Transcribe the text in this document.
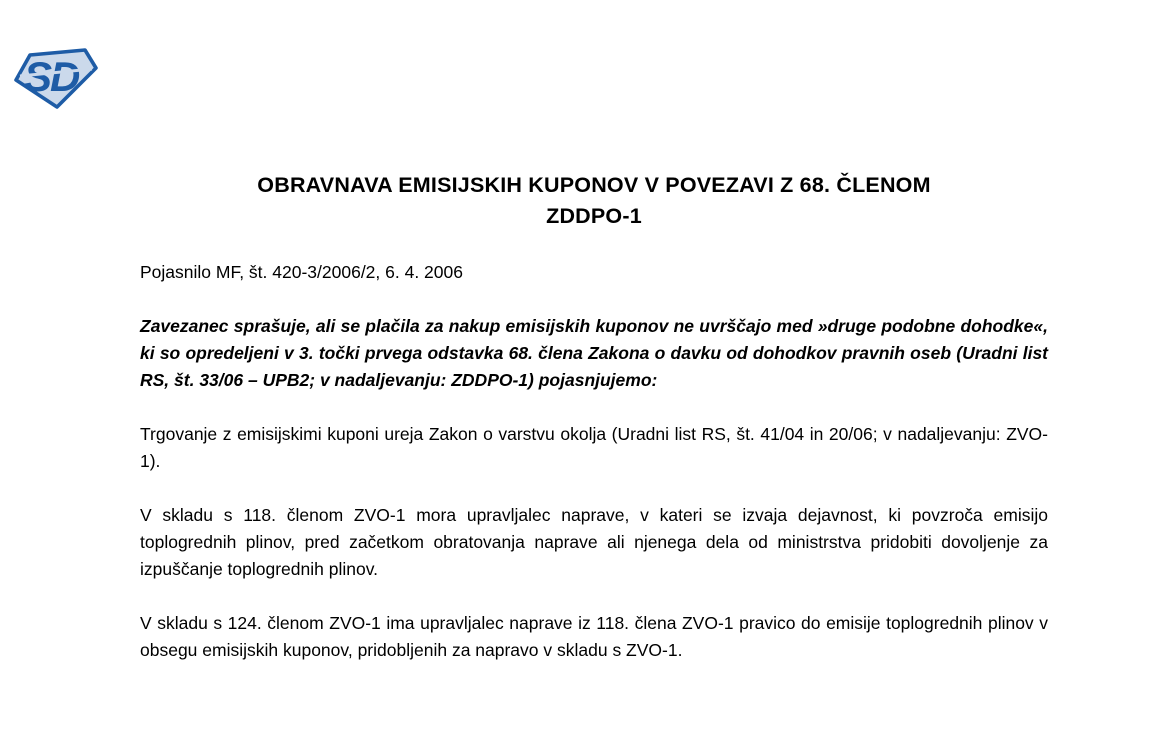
SD
OBRAVNAVA EMISIJSKIH KUPONOV V POVEZAVI Z 68. ČLENOM
ZDDPO-1

Pojasnilo MF, št. 420-3/2006/2, 6. 4. 2006

Zavezanec sprašuje, ali se plačila za nakup emisijskih kuponov ne uvrščajo med »druge podobne dohodke«, ki so opredeljeni v 3. točki prvega odstavka 68. člena Zakona o davku od dohodkov pravnih oseb (Uradni list RS, št. 33/06 – UPB2; v nadaljevanju: ZDDPO-1) pojasnjujemo:

Trgovanje z emisijskimi kuponi ureja Zakon o varstvu okolja (Uradni list RS, št. 41/04 in 20/06; v nadaljevanju: ZVO-1).

V skladu s 118. členom ZVO-1 mora upravljalec naprave, v kateri se izvaja dejavnost, ki povzroča emisijo toplogrednih plinov, pred začetkom obratovanja naprave ali njenega dela od ministrstva pridobiti dovoljenje za izpuščanje toplogrednih plinov.

V skladu s 124. členom ZVO-1 ima upravljalec naprave iz 118. člena ZVO-1 pravico do emisije toplogrednih plinov v obsegu emisijskih kuponov, pridobljenih za napravo v skladu s ZVO-1.
